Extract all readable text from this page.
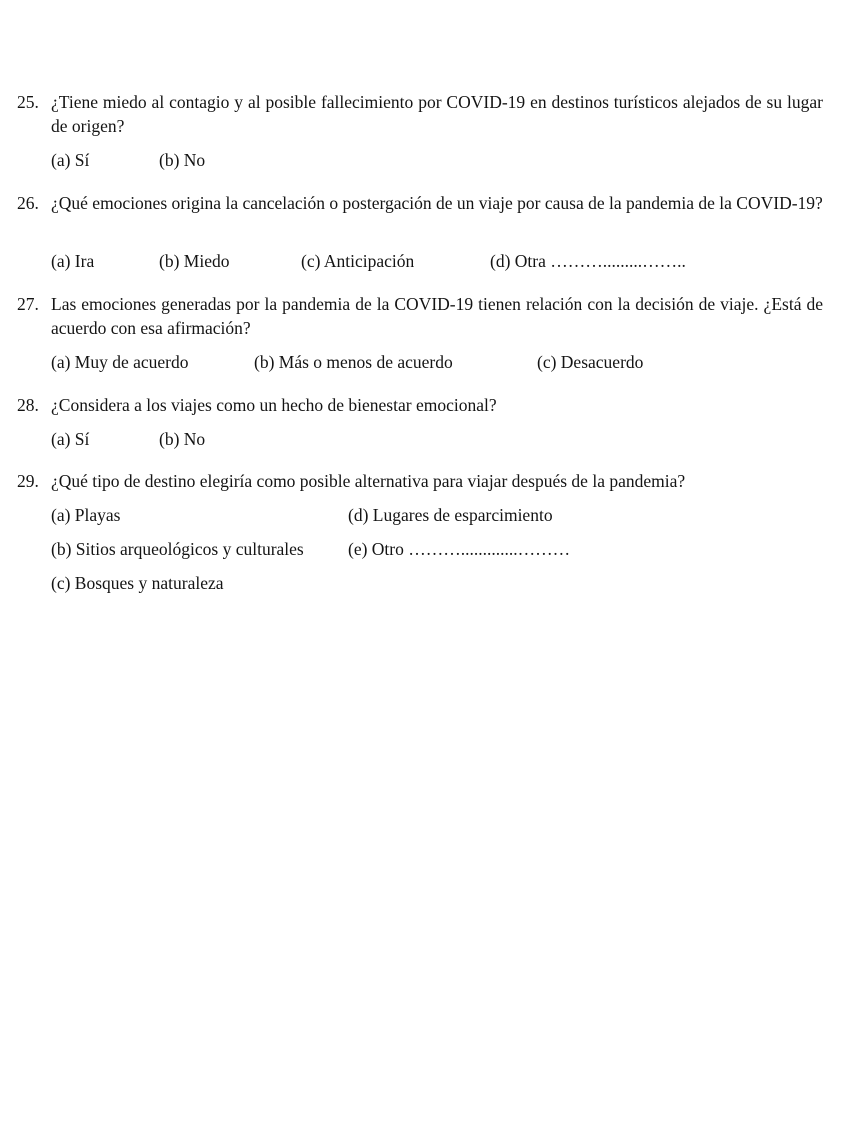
25. ¿Tiene miedo al contagio y al posible fallecimiento por COVID-19 en destinos turísticos alejados de su lugar de origen?
(a) Sí	(b) No
26. ¿Qué emociones origina la cancelación o postergación de un viaje por causa de la pandemia de la COVID-19?
(a) Ira	(b) Miedo	(c) Anticipación	(d) Otra ……….........……..
27. Las emociones generadas por la pandemia de la COVID-19 tienen relación con la decisión de viaje. ¿Está de acuerdo con esa afirmación?
(a) Muy de acuerdo	(b) Más o menos de acuerdo	(c) Desacuerdo
28. ¿Considera a los viajes como un hecho de bienestar emocional?
(a) Sí	(b) No
29. ¿Qué tipo de destino elegiría como posible alternativa para viajar después de la pandemia?
(a) Playas	(d) Lugares de esparcimiento
(b) Sitios arqueológicos y culturales	(e) Otro ……….............………
(c) Bosques y naturaleza
